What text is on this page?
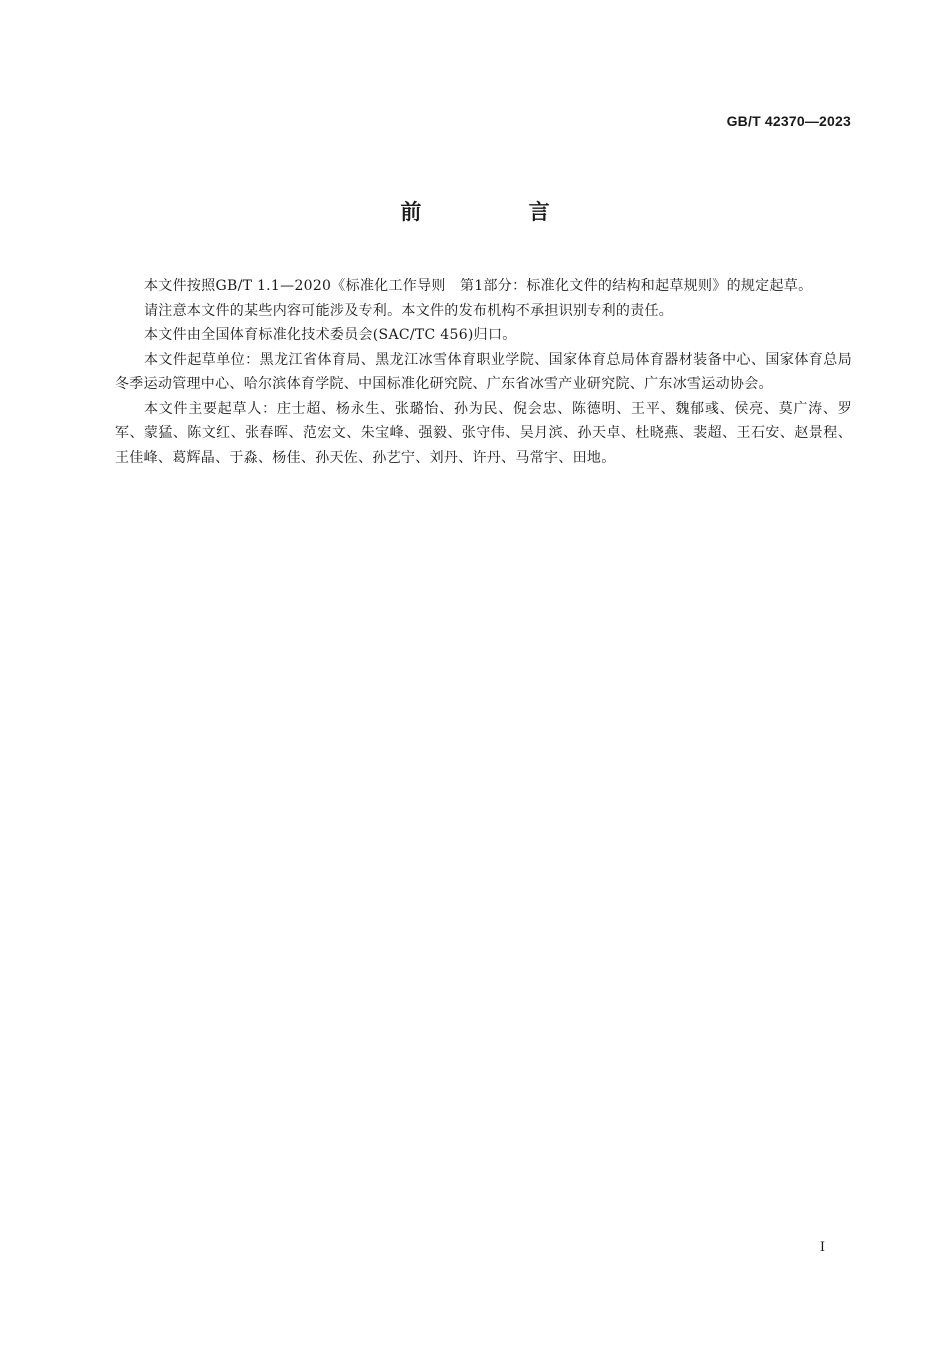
GB/T 42370—2023
前 言

本文件按照GB/T 1.1—2020《标准化工作导则　第1部分：标准化文件的结构和起草规则》的规定起草。

请注意本文件的某些内容可能涉及专利。本文件的发布机构不承担识别专利的责任。

本文件由全国体育标准化技术委员会(SAC/TC 456)归口。

本文件起草单位：黑龙江省体育局、黑龙江冰雪体育职业学院、国家体育总局体育器材装备中心、国家体育总局冬季运动管理中心、哈尔滨体育学院、中国标准化研究院、广东省冰雪产业研究院、广东冰雪运动协会。

本文件主要起草人：庄士超、杨永生、张璐怡、孙为民、倪会忠、陈德明、王平、魏郁彧、侯亮、莫广涛、罗军、蒙猛、陈文红、张春晖、范宏文、朱宝峰、强毅、张守伟、吴月滨、孙天卓、杜晓燕、裴超、王石安、赵景程、王佳峰、葛辉晶、于淼、杨佳、孙天佐、孙艺宁、刘丹、许丹、马常宇、田地。

I
